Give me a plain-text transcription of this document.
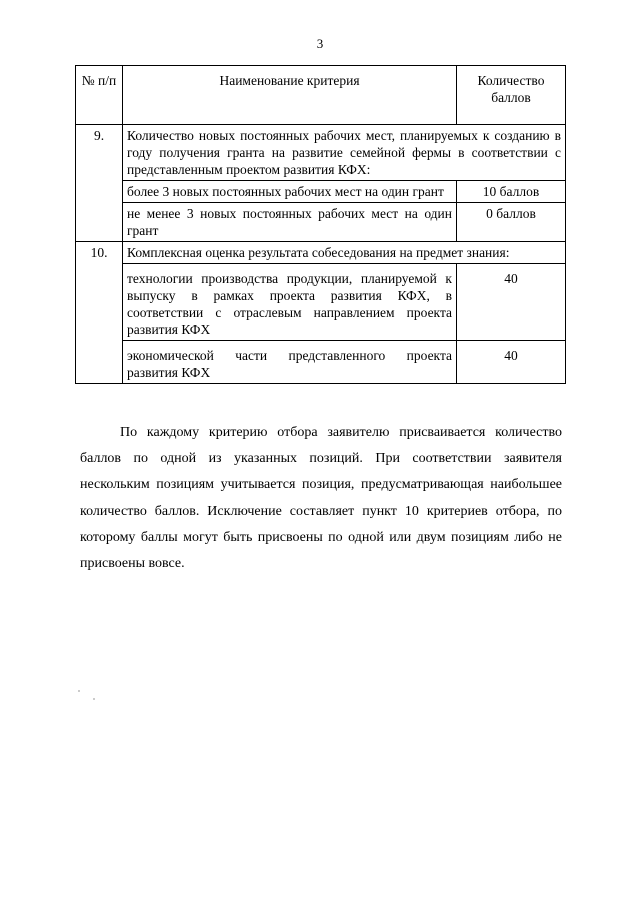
3
№ п/п	Наименование критерия	Количество баллов
9.	Количество новых постоянных рабочих мест, планируемых к созданию в году получения гранта на развитие семейной фермы в соответствии с представленным проектом развития КФХ:	
	более 3 новых постоянных рабочих мест на один грант	10 баллов
	не менее 3 новых постоянных рабочих мест на один грант	0 баллов
10.	Комплексная оценка результата собеседования на предмет знания:	
	технологии производства продукции, планируемой к выпуску в рамках проекта развития КФХ, в соответствии с отраслевым направлением проекта развития КФХ	40
	экономической части представленного проекта развития КФХ	40

По каждому критерию отбора заявителю присваивается количество баллов по одной из указанных позиций. При соответствии заявителя нескольким позициям учитывается позиция, предусматривающая наибольшее количество баллов. Исключение составляет пункт 10 критериев отбора, по которому баллы могут быть присвоены по одной или двум позициям либо не присвоены вовсе.
